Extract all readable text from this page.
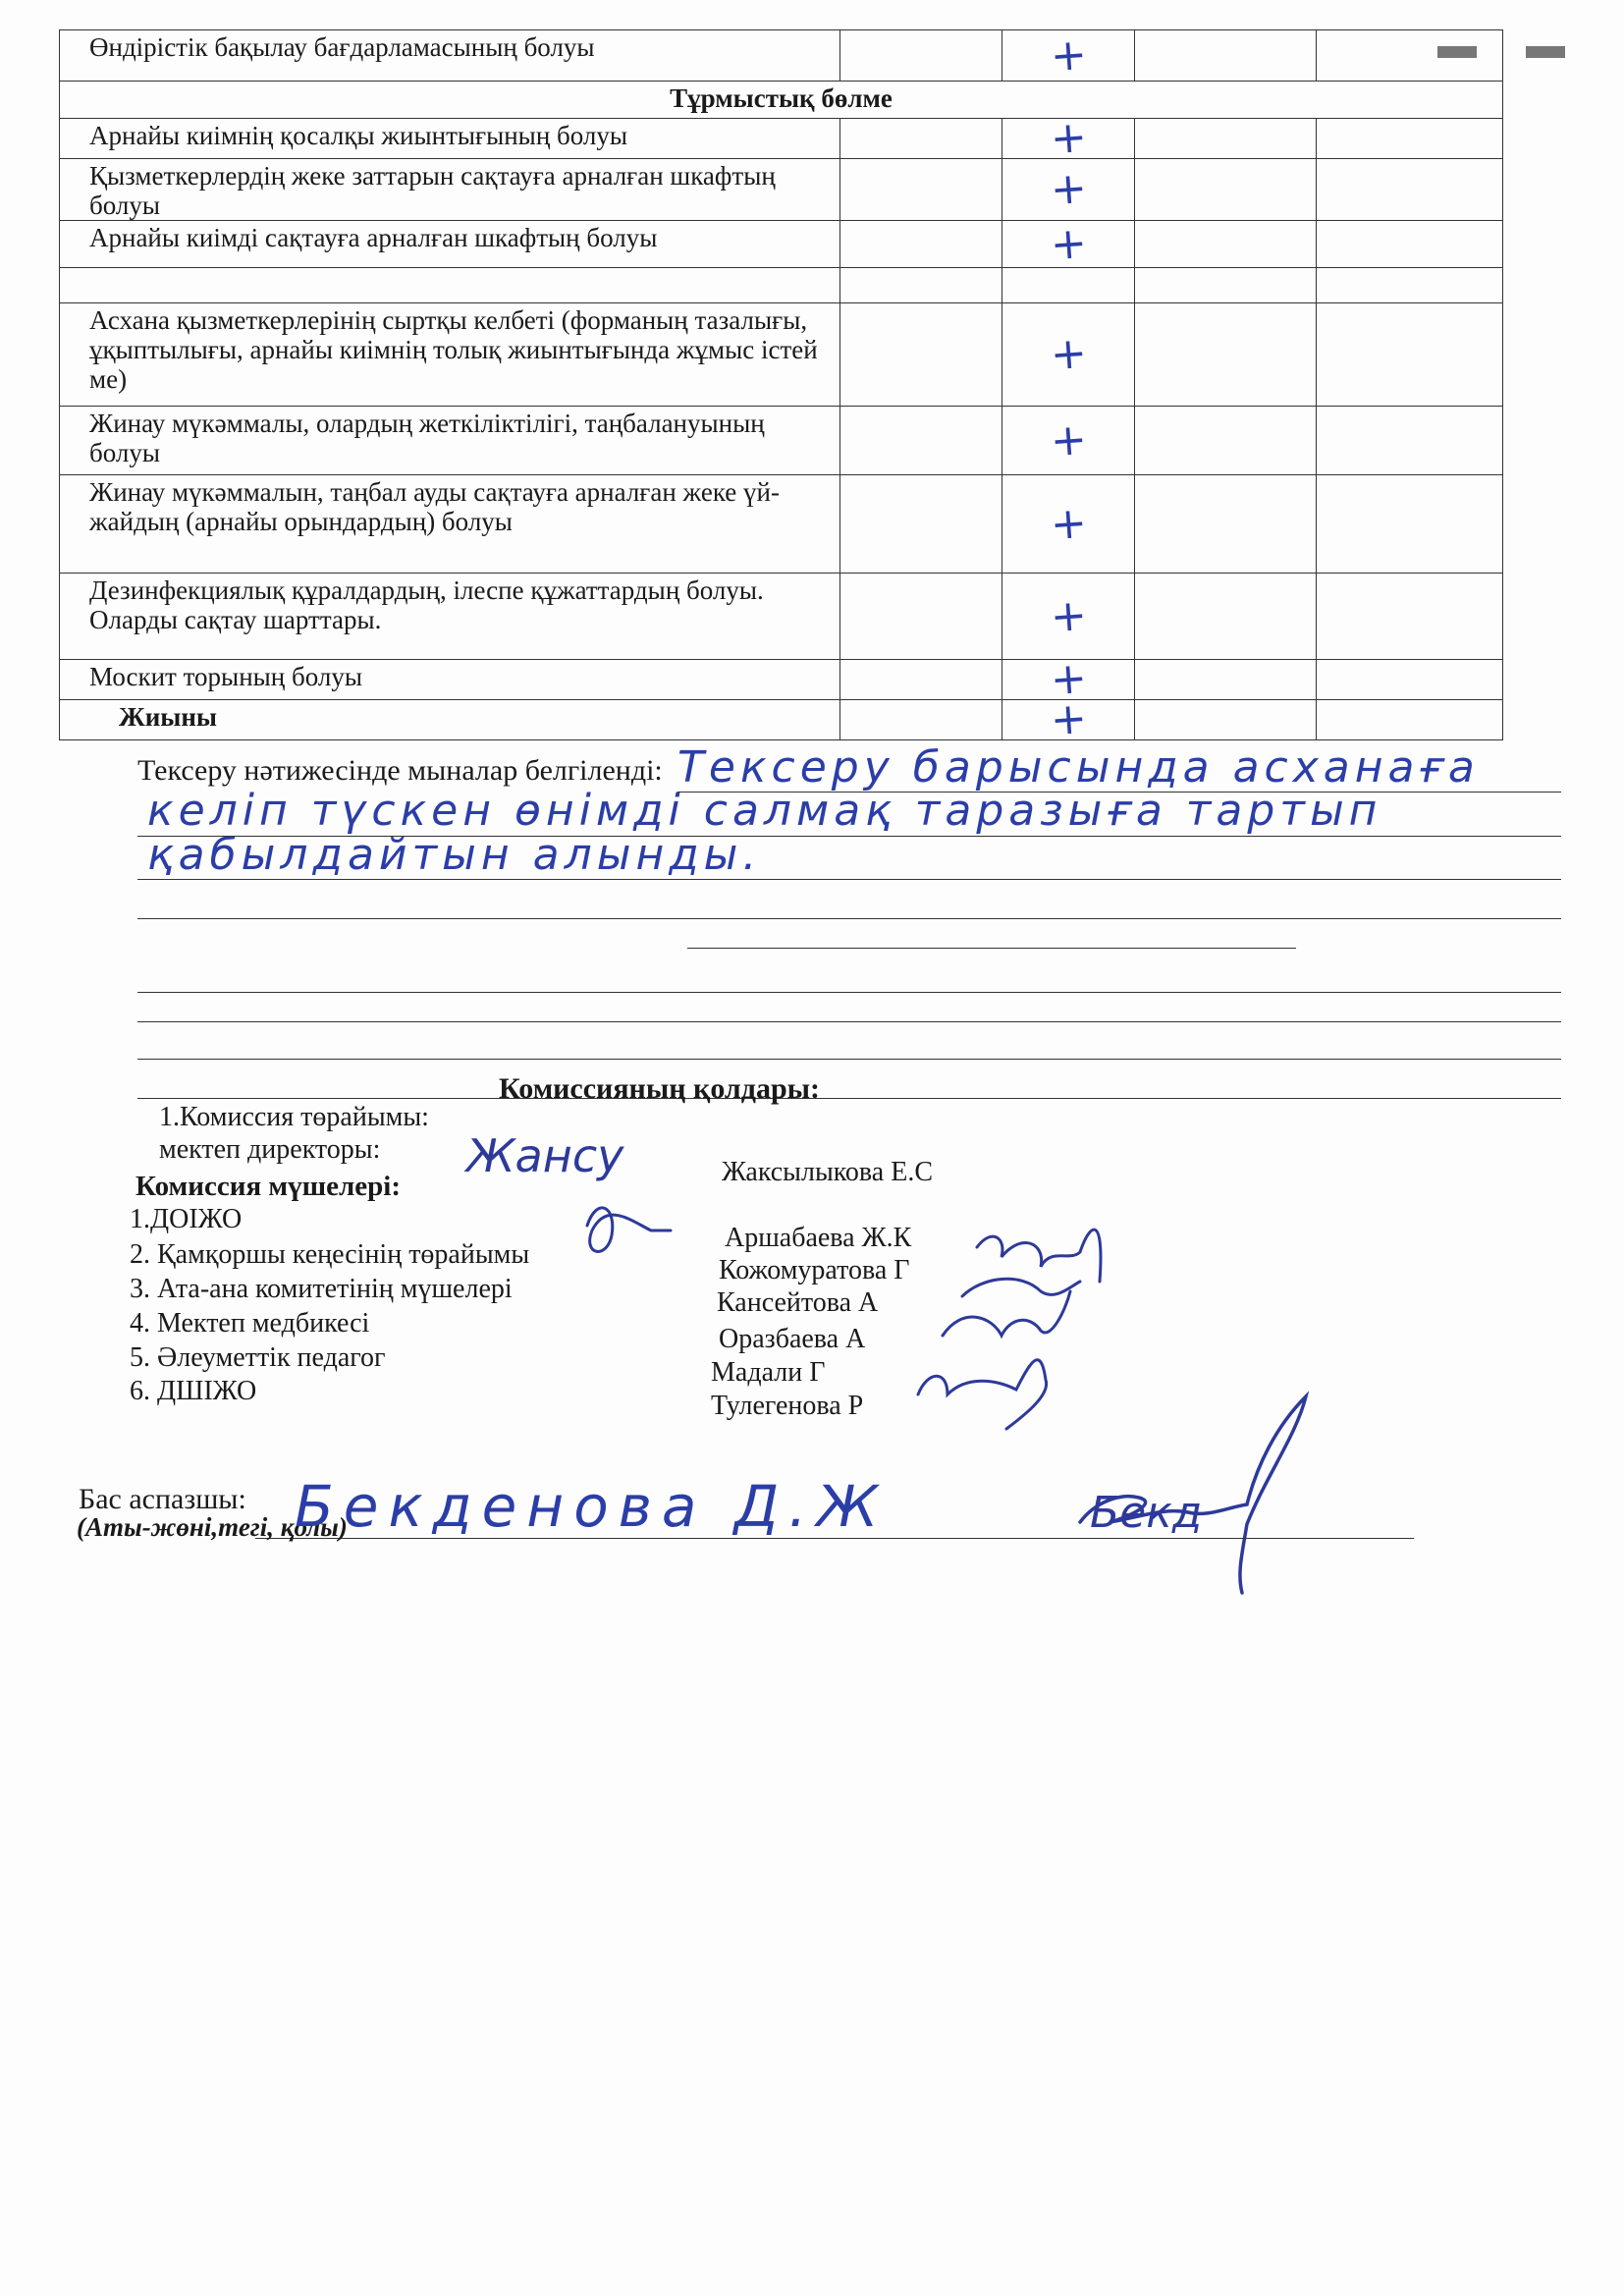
▬ ▬
Өндірістік бақылау бағдарламасының болуы		+		
Тұрмыстық бөлме				
Арнайы киімнің қосалқы жиынтығының болуы		+		
Қызметкерлердің жеке заттарын сақтауға арналған шкафтың болуы		+		
Арнайы киімді сақтауға арналған шкафтың болуы		+		

Асхана қызметкерлерінің сыртқы келбеті (форманың тазалығы, ұқыптылығы, арнайы киімнің толық жиынтығында жұмыс істей ме)		+		
Жинау мүкәммалы, олардың жеткіліктілігі, таңбалануының болуы		+		
Жинау мүкәммалын, таңбал ауды сақтауға арналған жеке үй-жайдың (арнайы орындардың) болуы		+		
Дезинфекциялық құралдардың, ілеспе құжаттардың болуы. Оларды сақтау шарттары.		+		
Москит торының болуы		+		
Жиыны		+		
Тексеру нәтижесінде мыналар белгіленді: Тексеру барысында асханаға
келіп түскен өнімді салмақ таразыға тартып
қабылдайтын алынды.
Комиссияның қолдары:
1.Комиссия төрайымы:
мектеп директоры: Жансу	Жаксылыкова Е.С
Комиссия мүшелері:
1.ДОІЖО
2. Қамқоршы кеңесінің төрайымы
3. Ата-ана комитетінің мүшелері
4. Мектеп медбикесі
5. Әлеуметтік педагог
6. ДШІЖО
Аршабаева Ж.К
Кожомуратова Г
Кансейтова А
Оразбаева А
Мадали Г
Тулегенова Р
Бас аспазшы:
(Аты-жөні,тегі, қолы)
Бекденова Д.Ж	Бекд
